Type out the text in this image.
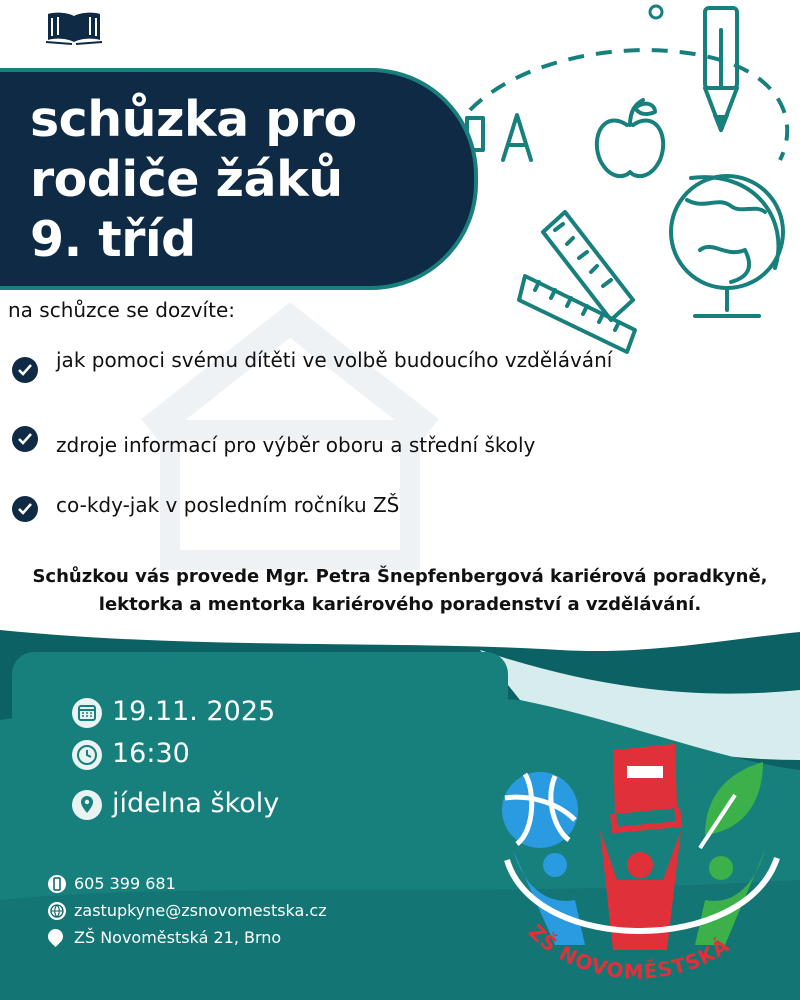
schůzka pro
rodiče žáků
9. tříd
na schůzce se dozvíte:
jak pomoci svému dítěti ve volbě budoucího vzdělávání
zdroje informací pro výběr oboru a střední školy
co-kdy-jak v posledním ročníku ZŠ
Schůzkou vás provede Mgr. Petra Šnepfenbergová kariérová poradkyně, lektorka a mentorka kariérového poradenství a vzdělávání.
19.11. 2025
16:30
jídelna školy
605 399 681
zastupkyne@zsnovomestska.cz
ZŠ Novoměstská 21, Brno	ZŠ NOVOMĚSTSKÁ
